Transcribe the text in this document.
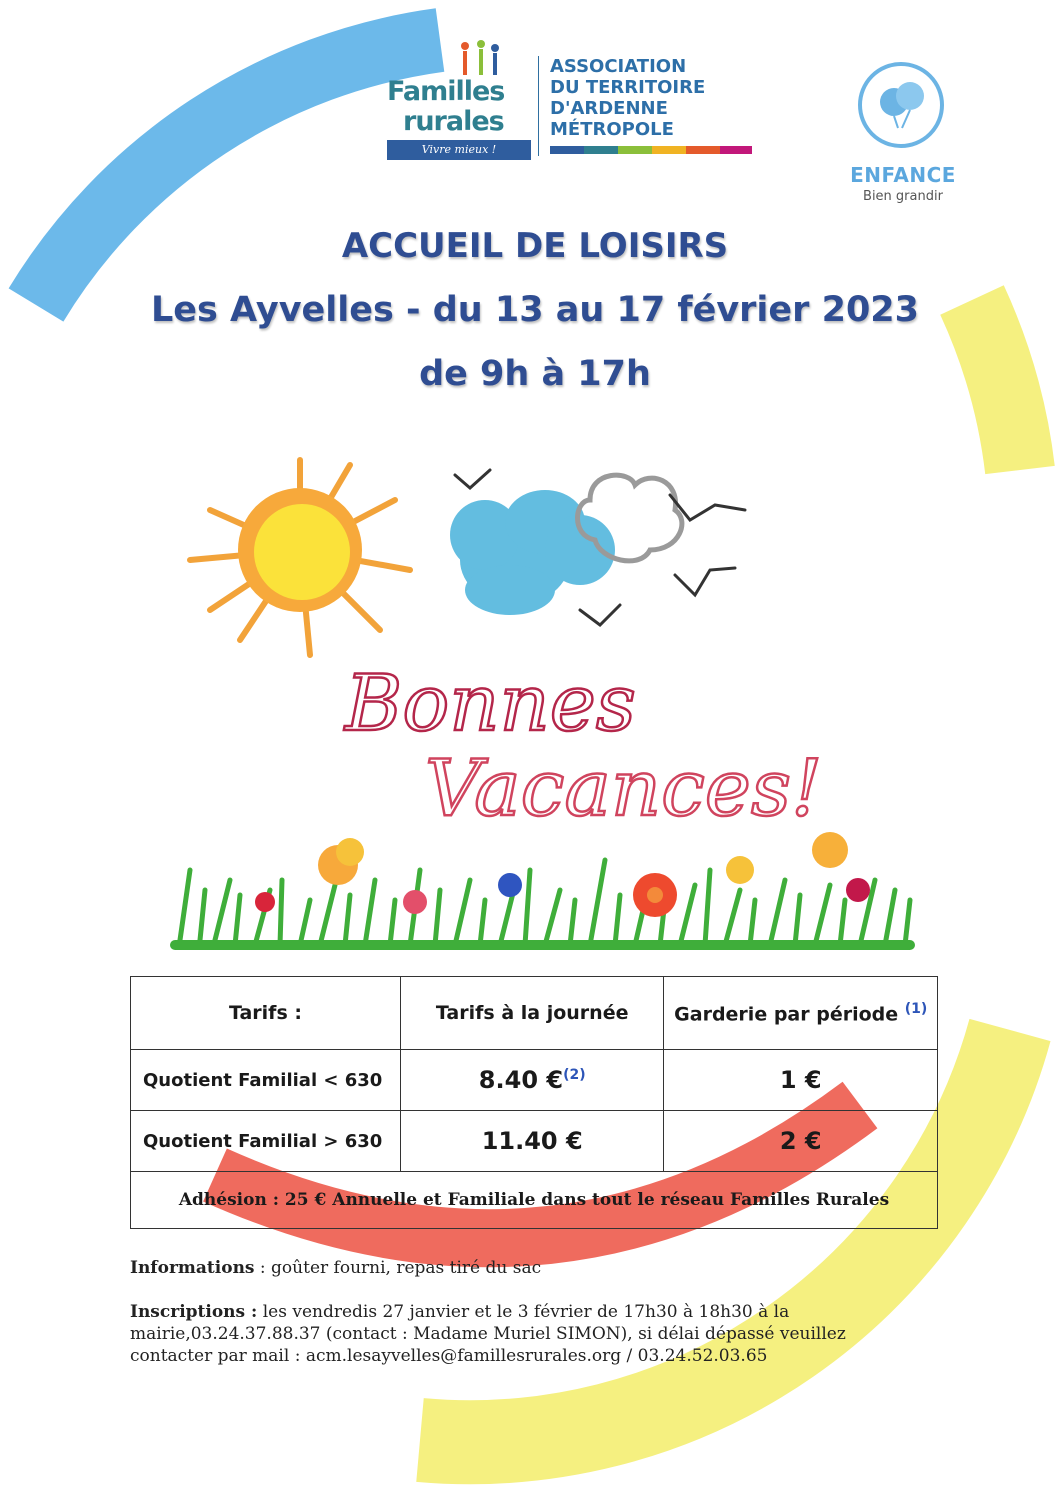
Familles
rurales
Vivre mieux !
ASSOCIATION
DU TERRITOIRE
D'ARDENNE
MÉTROPOLE
ENFANCE
Bien grandir
ACCUEIL DE LOISIRS
Les Ayvelles - du 13 au 17 février 2023
de 9h à 17h
Bonnes
Vacances!
Tarifs :	Tarifs à la journée	Garderie par période $^{(1)}$
Quotient Familial < 630	8.40 €$^{(2)}$	1 €
Quotient Familial > 630	11.40 €	2 €
Adhésion : 25 € Annuelle et Familiale dans tout le réseau Familles Rurales		
Informations : goûter fourni, repas tiré du sac
Inscriptions : les vendredis 27 janvier et le 3 février de 17h30 à 18h30 à la
mairie,03.24.37.88.37 (contact : Madame Muriel SIMON), si délai dépassé veuillez
contacter par mail : acm.lesayvelles@famillesrurales.org / 03.24.52.03.65
